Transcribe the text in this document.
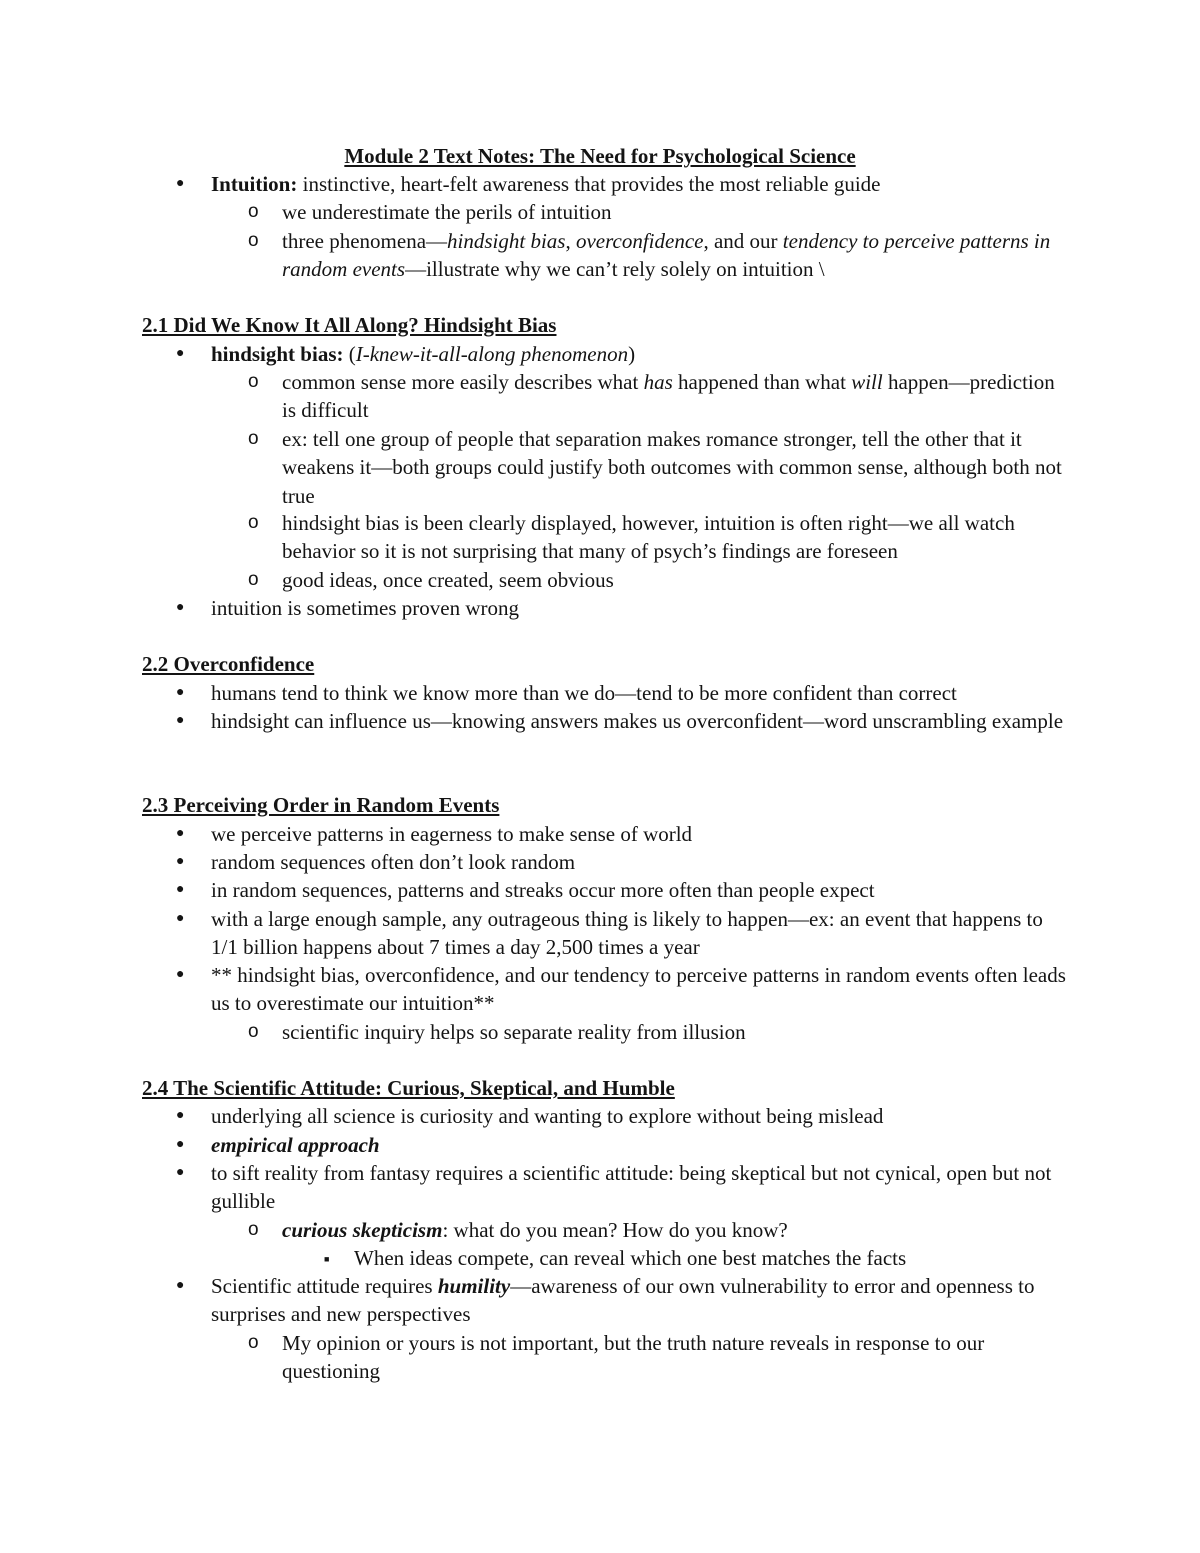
Module 2 Text Notes: The Need for Psychological Science
● Intuition: instinctive, heart-felt awareness that provides the most reliable guide
o we underestimate the perils of intuition
o three phenomena—hindsight bias, overconfidence, and our tendency to perceive patterns in random events—illustrate why we can’t rely solely on intuition \
2.1 Did We Know It All Along? Hindsight Bias
● hindsight bias: (I-knew-it-all-along phenomenon)
o common sense more easily describes what has happened than what will happen—prediction is difficult
o ex: tell one group of people that separation makes romance stronger, tell the other that it weakens it—both groups could justify both outcomes with common sense, although both not true
o hindsight bias is been clearly displayed, however, intuition is often right—we all watch behavior so it is not surprising that many of psych’s findings are foreseen
o good ideas, once created, seem obvious
● intuition is sometimes proven wrong
2.2 Overconfidence
● humans tend to think we know more than we do—tend to be more confident than correct
● hindsight can influence us—knowing answers makes us overconfident—word unscrambling example
2.3 Perceiving Order in Random Events
● we perceive patterns in eagerness to make sense of world
● random sequences often don’t look random
● in random sequences, patterns and streaks occur more often than people expect
● with a large enough sample, any outrageous thing is likely to happen—ex: an event that happens to 1/1 billion happens about 7 times a day 2,500 times a year
● ** hindsight bias, overconfidence, and our tendency to perceive patterns in random events often leads us to overestimate our intuition**
o scientific inquiry helps so separate reality from illusion
2.4 The Scientific Attitude: Curious, Skeptical, and Humble
● underlying all science is curiosity and wanting to explore without being mislead
● empirical approach
● to sift reality from fantasy requires a scientific attitude: being skeptical but not cynical, open but not gullible
o curious skepticism: what do you mean? How do you know?
■ When ideas compete, can reveal which one best matches the facts
● Scientific attitude requires humility—awareness of our own vulnerability to error and openness to surprises and new perspectives
o My opinion or yours is not important, but the truth nature reveals in response to our questioning
